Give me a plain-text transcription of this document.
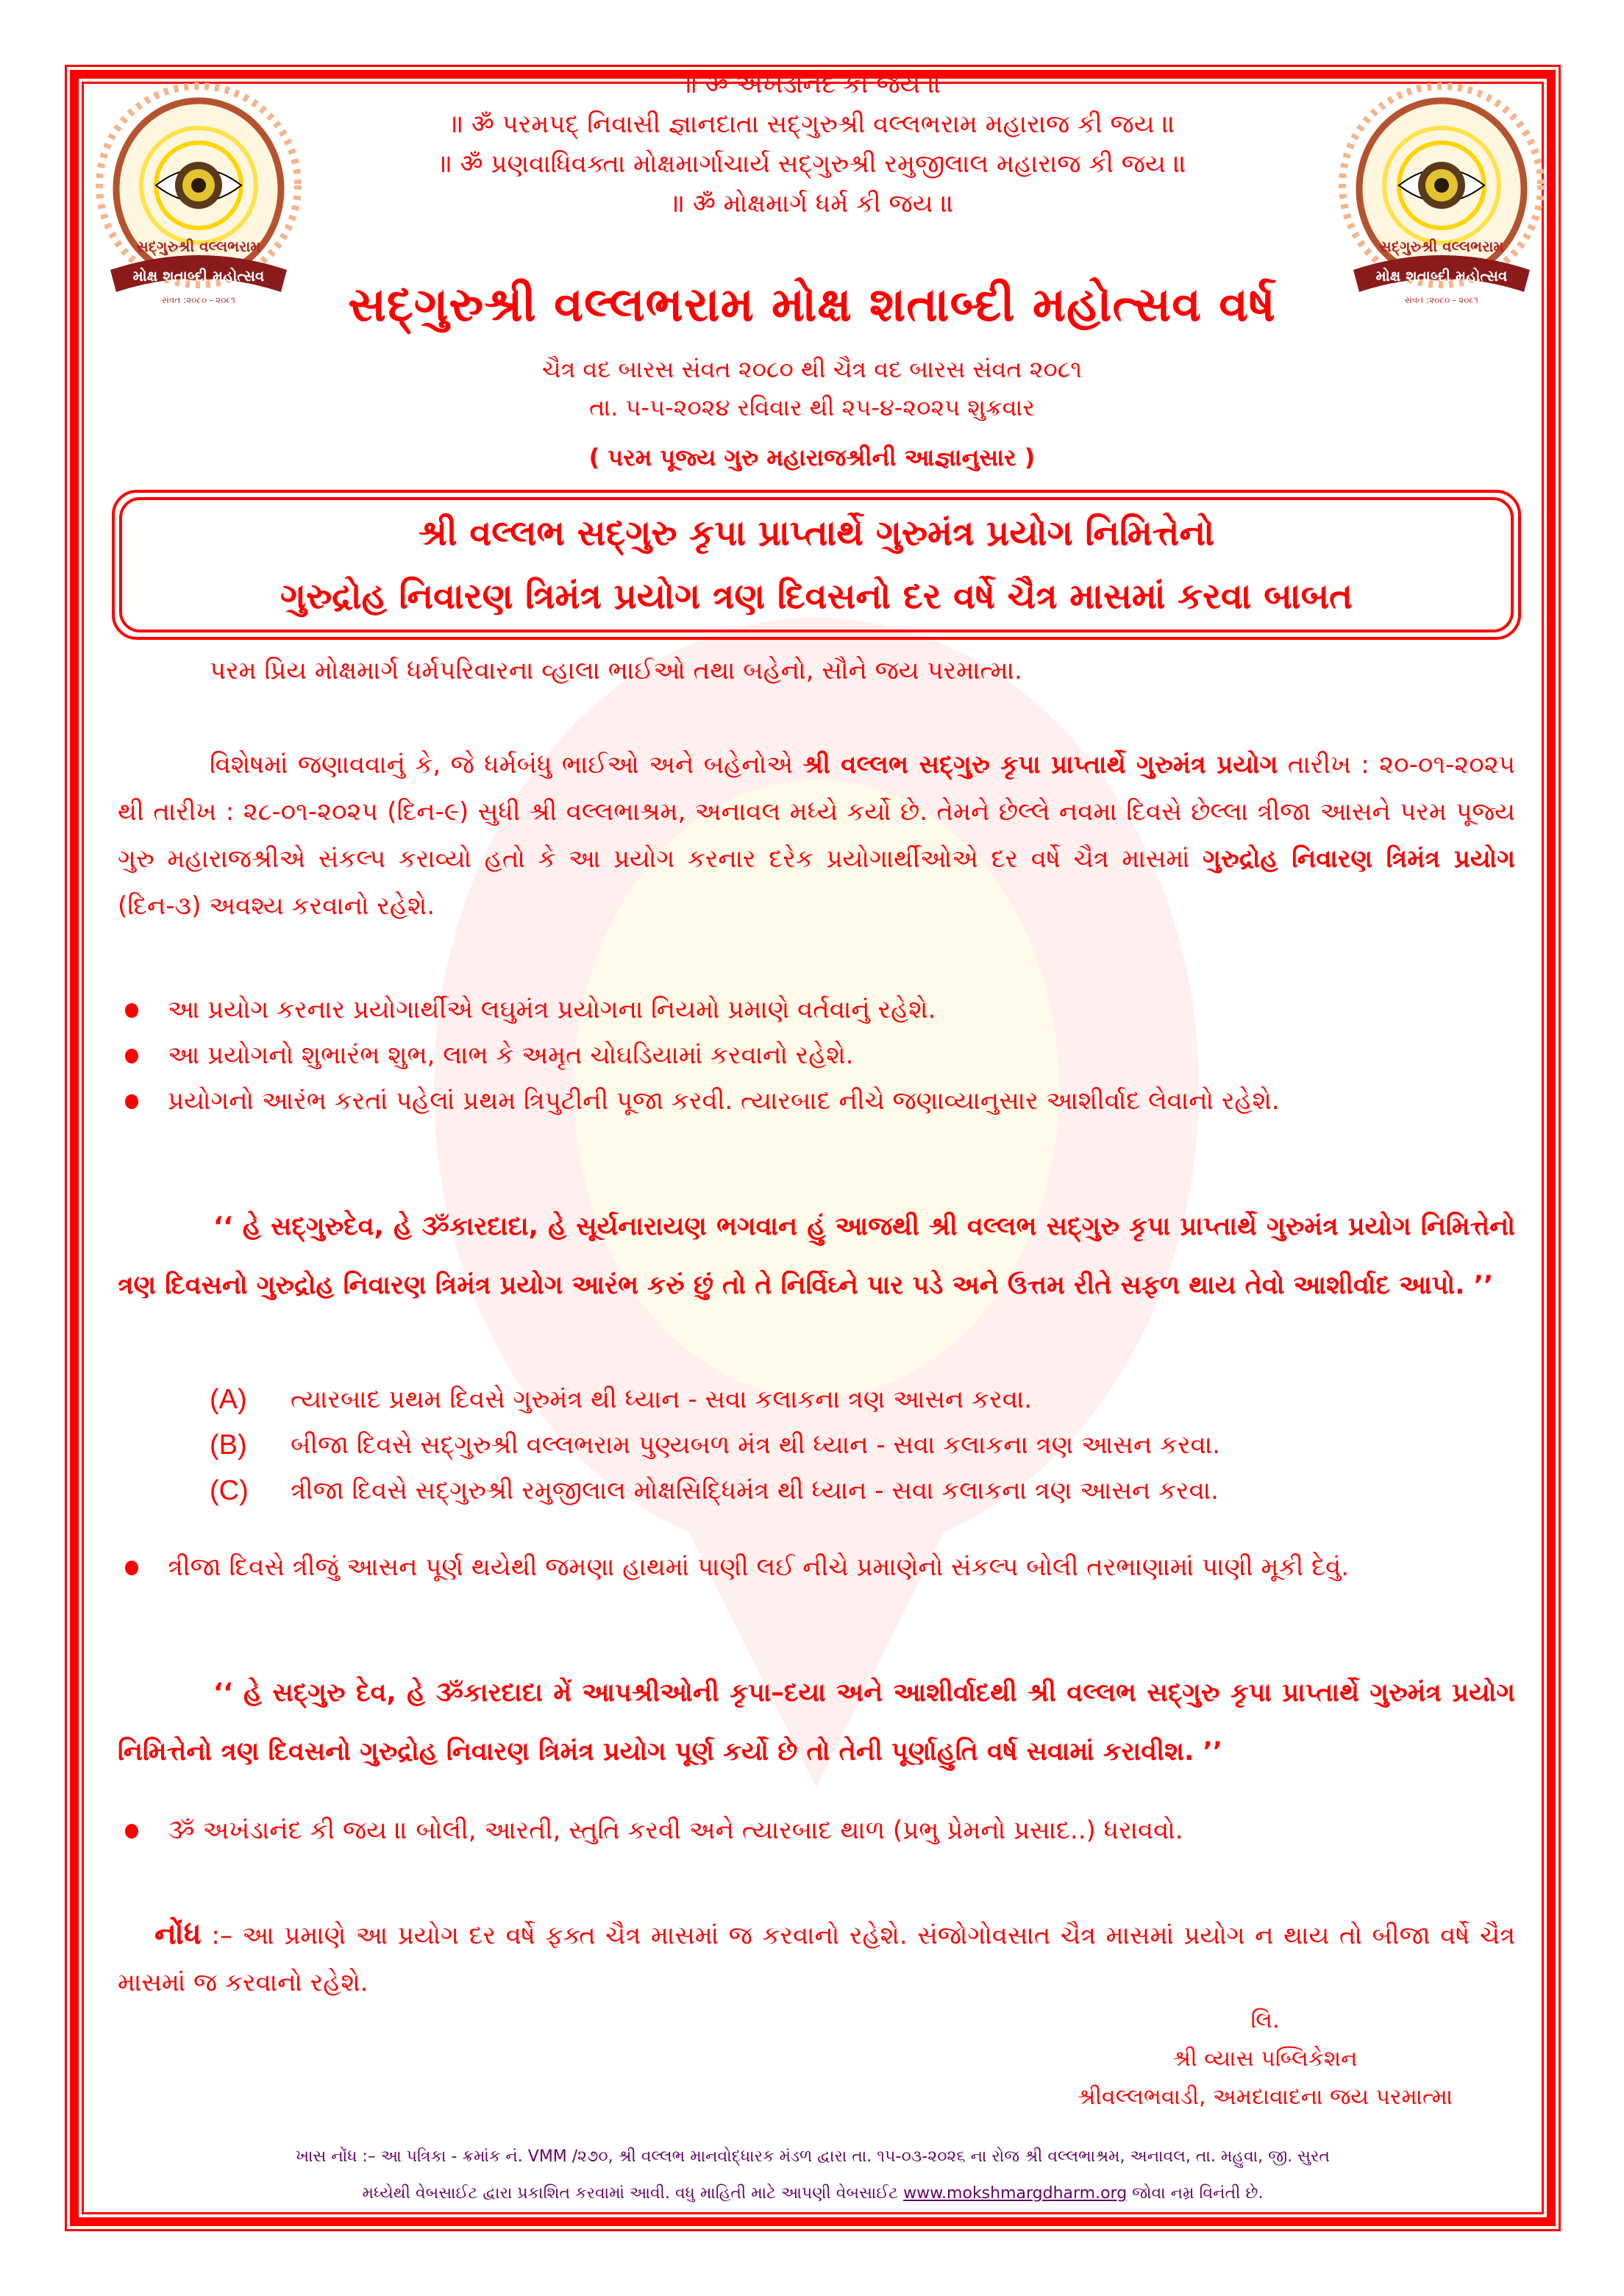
સદ્‌ગુરુશ્રી વલ્લભરામ
મોક્ષ શતાબ્દી મહોત્સવ
સંવત :૨૦૮૦ - ૨૦૮૧
સદ્‌ગુરુશ્રી વલ્લભરામ
મોક્ષ શતાબ્દી મહોત્સવ
સંવત :૨૦૮૦ - ૨૦૮૧
॥ ॐ અખંડાનંદ કી જય ॥
॥ ॐ પરમપદ્ નિવાસી જ્ઞાનદાતા સદ્‌ગુરુશ્રી વલ્લભરામ મહારાજ કી જય ॥
॥ ॐ પ્રણવાધિવક્તા મોક્ષમાર્ગાચાર્ય સદ્‌ગુરુશ્રી રમુજીલાલ મહારાજ કી જય ॥
॥ ॐ મોક્ષમાર્ગ ધર્મ કી જય ॥
સદ્‌ગુરુશ્રી વલ્લભરામ મોક્ષ શતાબ્દી મહોત્સવ વર્ષ
ચૈત્ર વદ બારસ સંવત ૨૦૮૦ થી ચૈત્ર વદ બારસ સંવત ૨૦૮૧
તા. ૫-૫-૨૦૨૪ રવિવાર થી ૨૫-૪-૨૦૨૫ શુક્રવાર
( પરમ પૂજ્ય ગુરુ મહારાજશ્રીની આજ્ઞાનુસાર )
શ્રી વલ્લભ સદ્‌ગુરુ કૃપા પ્રાપ્તાર્થે ગુરુમંત્ર પ્રયોગ નિમિત્તેનો
ગુરુદ્રોહ નિવારણ ત્રિમંત્ર પ્રયોગ ત્રણ દિવસનો દર વર્ષે ચૈત્ર માસમાં કરવા બાબત
પરમ પ્રિય મોક્ષમાર્ગ ધર્મપરિવારના વ્હાલા ભાઈઓ તથા બહેનો, સૌને જય પરમાત્મા.
વિશેષમાં જણાવવાનું કે, જે ધર્મબંધુ ભાઈઓ અને બહેનોએ શ્રી વલ્લભ સદ્‌ગુરુ કૃપા પ્રાપ્તાર્થે ગુરુમંત્ર પ્રયોગ તારીખ : ૨૦-૦૧-૨૦૨૫ થી તારીખ : ૨૮-૦૧-૨૦૨૫ (દિન-૯) સુધી શ્રી વલ્લભાશ્રમ, અનાવલ મધ્યે કર્યો છે. તેમને છેલ્લે નવમા દિવસે છેલ્લા ત્રીજા આસને પરમ પૂજ્ય ગુરુ મહારાજશ્રીએ સંકલ્પ કરાવ્યો હતો કે આ પ્રયોગ કરનાર દરેક પ્રયોગાર્થીઓએ દર વર્ષે ચૈત્ર માસમાં ગુરુદ્રોહ નિવારણ ત્રિમંત્ર પ્રયોગ (દિન-૩) અવશ્ય કરવાનો રહેશે.
આ પ્રયોગ કરનાર પ્રયોગાર્થીએ લઘુમંત્ર પ્રયોગના નિયમો પ્રમાણે વર્તવાનું રહેશે.
આ પ્રયોગનો શુભારંભ શુભ, લાભ કે અમૃત ચોઘડિયામાં કરવાનો રહેશે.
પ્રયોગનો આરંભ કરતાં પહેલાં પ્રથમ ત્રિપુટીની પૂજા કરવી. ત્યારબાદ નીચે જણાવ્યાનુસાર આશીર્વાદ લેવાનો રહેશે.
‘‘ હે સદ્‌ગુરુદેવ, હે ૐકારદાદા, હે સૂર્યનારાયણ ભગવાન હું આજથી શ્રી વલ્લભ સદ્‌ગુરુ કૃપા પ્રાપ્તાર્થે ગુરુમંત્ર પ્રયોગ નિમિત્તેનો ત્રણ દિવસનો ગુરુદ્રોહ નિવારણ ત્રિમંત્ર પ્રયોગ આરંભ કરું છું તો તે નિર્વિઘ્ને પાર પડે અને ઉત્તમ રીતે સફળ થાય તેવો આશીર્વાદ આપો. ’’
(A)	ત્યારબાદ પ્રથમ દિવસે ગુરુમંત્ર થી ધ્યાન - સવા કલાકના ત્રણ આસન કરવા.
(B)	બીજા દિવસે સદ્‌ગુરુશ્રી વલ્લભરામ પુણ્યબળ મંત્ર થી ધ્યાન - સવા કલાકના ત્રણ આસન કરવા.
(C)	ત્રીજા દિવસે સદ્‌ગુરુશ્રી રમુજીલાલ મોક્ષસિદ્ધિમંત્ર થી ધ્યાન - સવા કલાકના ત્રણ આસન કરવા.
ત્રીજા દિવસે ત્રીજું આસન પૂર્ણ થયેથી જમણા હાથમાં પાણી લઈ નીચે પ્રમાણેનો સંકલ્પ બોલી તરભાણામાં પાણી મૂકી દેવું.
‘‘ હે સદ્‌ગુરુ દેવ, હે ૐકારદાદા મેં આપશ્રીઓની કૃપા–દયા અને આશીર્વાદથી શ્રી વલ્લભ સદ્‌ગુરુ કૃપા પ્રાપ્તાર્થે ગુરુમંત્ર પ્રયોગ નિમિત્તેનો ત્રણ દિવસનો ગુરુદ્રોહ નિવારણ ત્રિમંત્ર પ્રયોગ પૂર્ણ કર્યો છે તો તેની પૂર્ણાહુતિ વર્ષ સવામાં કરાવીશ. ’’
ૐ અખંડાનંદ કી જય ॥ બોલી, આરતી, સ્તુતિ કરવી અને ત્યારબાદ થાળ (પ્રભુ પ્રેમનો પ્રસાદ..) ધરાવવો.
નોંધ :– આ પ્રમાણે આ પ્રયોગ દર વર્ષે ફક્ત ચૈત્ર માસમાં જ કરવાનો રહેશે. સંજોગોવસાત ચૈત્ર માસમાં પ્રયોગ ન થાય તો બીજા વર્ષે ચૈત્ર માસમાં જ કરવાનો રહેશે.
લિ.
શ્રી વ્યાસ પબ્લિકેશન
શ્રીવલ્લભવાડી, અમદાવાદના જય પરમાત્મા
ખાસ નોંધ :– આ પત્રિકા - ક્રમાંક નં. VMM /૨૭૦, શ્રી વલ્લભ માનવોદ્ધારક મંડળ દ્વારા તા. ૧૫-૦૩-૨૦૨૬ ના રોજ શ્રી વલ્લભાશ્રમ, અનાવલ, તા. મહુવા, જી. સુરત
મધ્યેથી વેબસાઈટ દ્વારા પ્રકાશિત કરવામાં આવી. વધુ માહિતી માટે આપણી વેબસાઈટ www.mokshmargdharm.org જોવા નમ્ર વિનંતી છે.
